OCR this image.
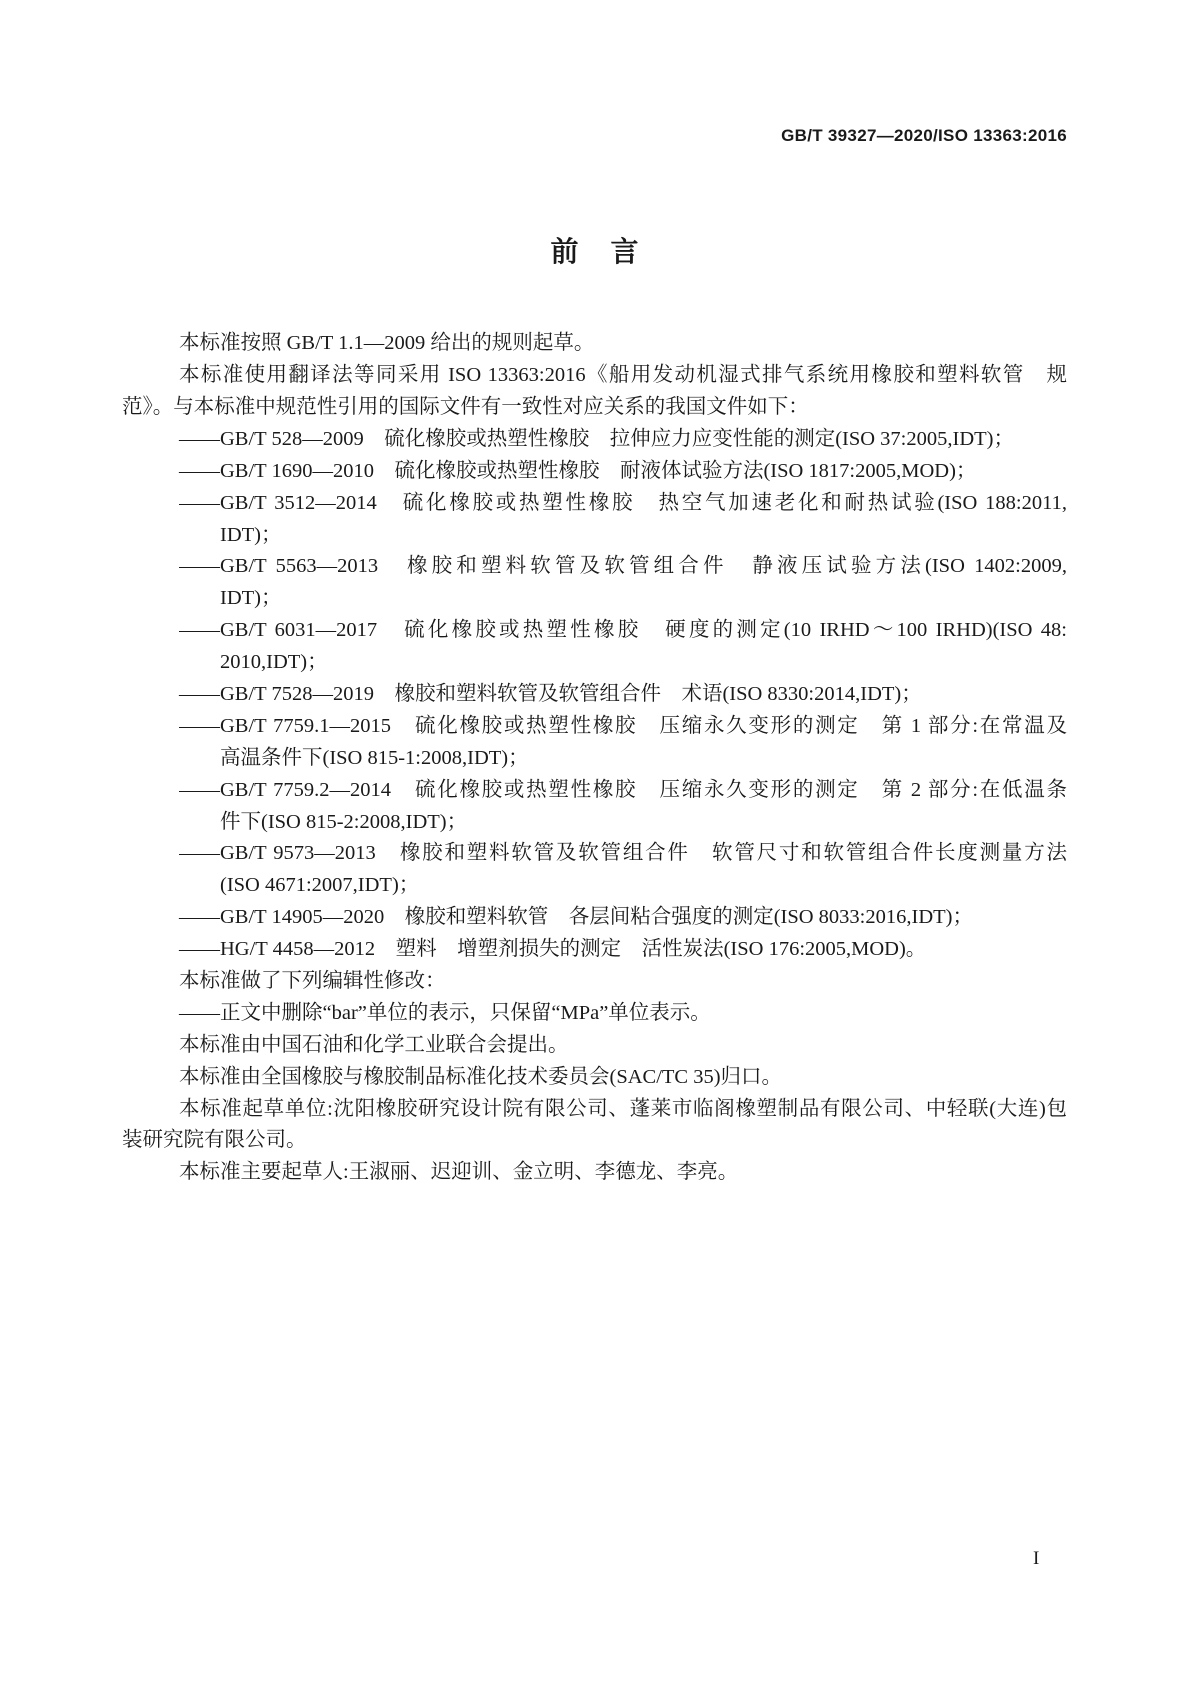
GB/T 39327—2020/ISO 13363:2016
前　言
本标准按照 GB/T 1.1—2009 给出的规则起草。
本标准使用翻译法等同采用 ISO 13363:2016《船用发动机湿式排气系统用橡胶和塑料软管　规
范》。与本标准中规范性引用的国际文件有一致性对应关系的我国文件如下：
——GB/T 528—2009　硫化橡胶或热塑性橡胶　拉伸应力应变性能的测定(ISO 37:2005,IDT)；
——GB/T 1690—2010　硫化橡胶或热塑性橡胶　耐液体试验方法(ISO 1817:2005,MOD)；
——GB/T 3512—2014　硫化橡胶或热塑性橡胶　热空气加速老化和耐热试验(ISO 188:2011,
IDT)；
——GB/T 5563—2013　橡胶和塑料软管及软管组合件　静液压试验方法(ISO 1402:2009,
IDT)；
——GB/T 6031—2017　硫化橡胶或热塑性橡胶　硬度的测定(10 IRHD～100 IRHD)(ISO 48:
2010,IDT)；
——GB/T 7528—2019　橡胶和塑料软管及软管组合件　术语(ISO 8330:2014,IDT)；
——GB/T 7759.1—2015　硫化橡胶或热塑性橡胶　压缩永久变形的测定　第 1 部分:在常温及
高温条件下(ISO 815-1:2008,IDT)；
——GB/T 7759.2—2014　硫化橡胶或热塑性橡胶　压缩永久变形的测定　第 2 部分:在低温条
件下(ISO 815-2:2008,IDT)；
——GB/T 9573—2013　橡胶和塑料软管及软管组合件　软管尺寸和软管组合件长度测量方法
(ISO 4671:2007,IDT)；
——GB/T 14905—2020　橡胶和塑料软管　各层间粘合强度的测定(ISO 8033:2016,IDT)；
——HG/T 4458—2012　塑料　增塑剂损失的测定　活性炭法(ISO 176:2005,MOD)。
本标准做了下列编辑性修改：
——正文中删除“bar”单位的表示，只保留“MPa”单位表示。
本标准由中国石油和化学工业联合会提出。
本标准由全国橡胶与橡胶制品标准化技术委员会(SAC/TC 35)归口。
本标准起草单位:沈阳橡胶研究设计院有限公司、蓬莱市临阁橡塑制品有限公司、中轻联(大连)包
装研究院有限公司。
本标准主要起草人:王淑丽、迟迎训、金立明、李德龙、李亮。
I
